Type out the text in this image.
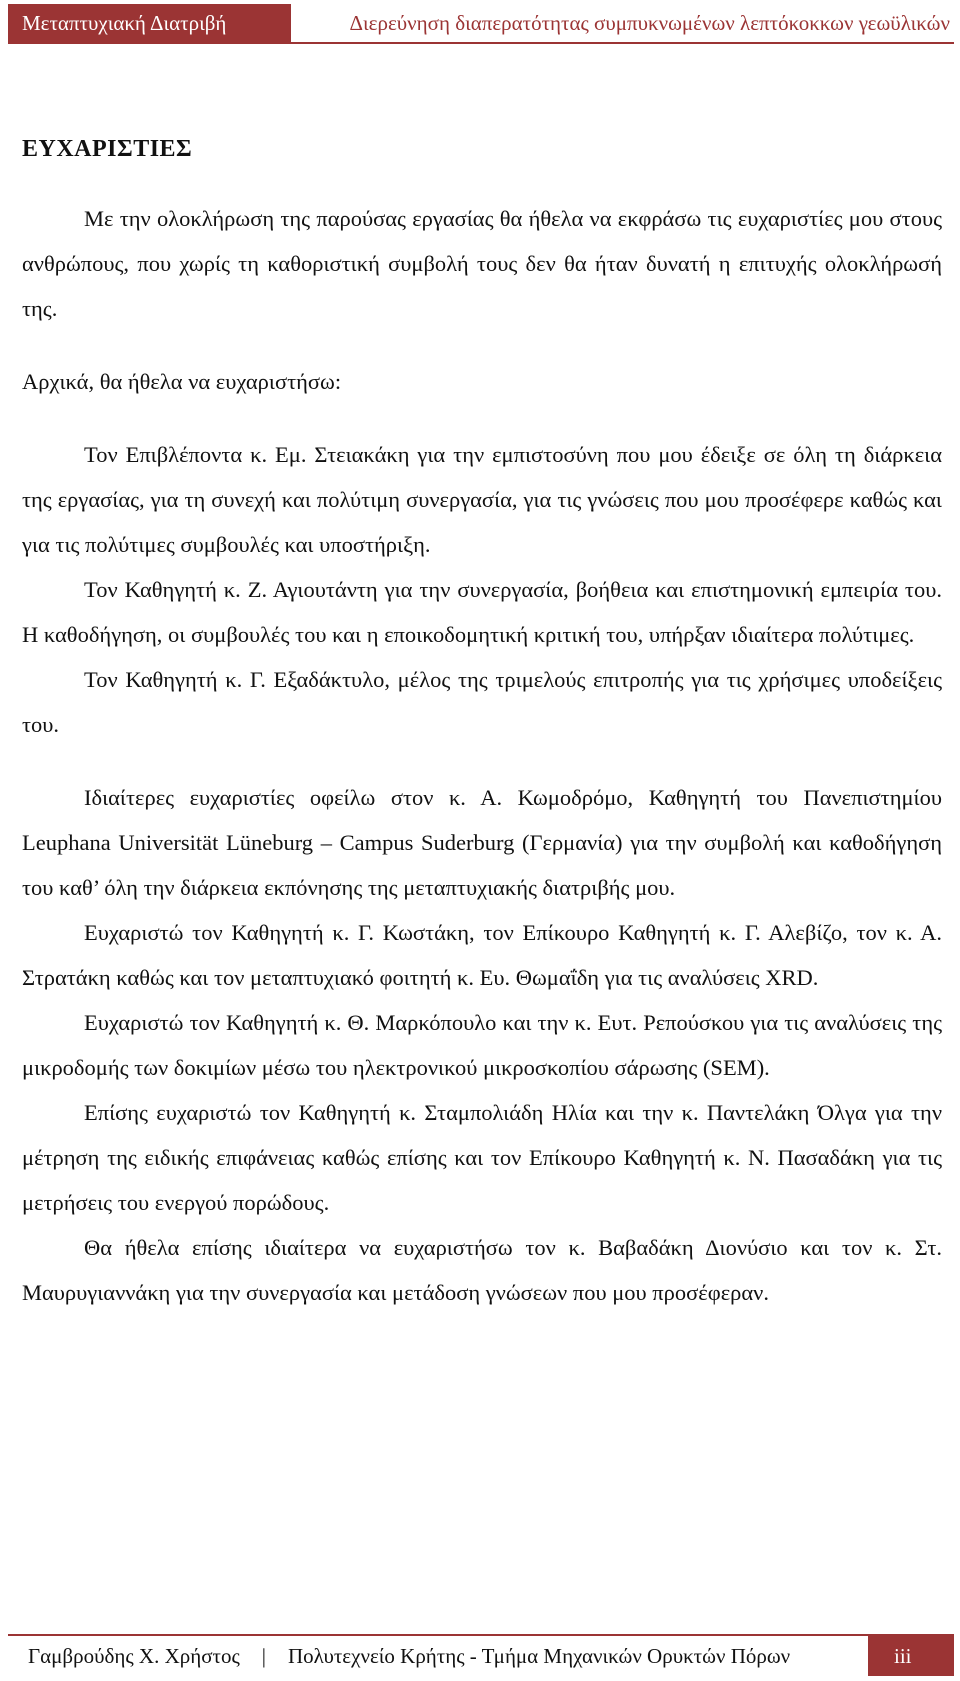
Μεταπτυχιακή Διατριβή	Διερεύνηση διαπερατότητας συμπυκνωμένων λεπτόκοκκων γεωϋλικών
ΕΥΧΑΡΙΣΤΙΕΣ

Με την ολοκλήρωση της παρούσας εργασίας θα ήθελα να εκφράσω τις ευχαριστίες μου στους ανθρώπους, που χωρίς τη καθοριστική συμβολή τους δεν θα ήταν δυνατή η επιτυχής ολοκλήρωσή της.

Αρχικά, θα ήθελα να ευχαριστήσω:

Τον Επιβλέποντα κ. Εμ. Στειακάκη για την εμπιστοσύνη που μου έδειξε σε όλη τη διάρκεια της εργασίας, για τη συνεχή και πολύτιμη συνεργασία, για τις γνώσεις που μου προσέφερε καθώς και για τις πολύτιμες συμβουλές και υποστήριξη.

Τον Καθηγητή κ. Ζ. Αγιουτάντη για την συνεργασία, βοήθεια και επιστημονική εμπειρία του. Η καθοδήγηση, οι συμβουλές του και η εποικοδομητική κριτική του, υπήρξαν ιδιαίτερα πολύτιμες.

Τον Καθηγητή κ. Γ. Εξαδάκτυλο, μέλος της τριμελούς επιτροπής για τις χρήσιμες υποδείξεις του.

Ιδιαίτερες ευχαριστίες οφείλω στον κ. Α. Κωμοδρόμο, Καθηγητή του Πανεπιστημίου Leuphana Universität Lüneburg – Campus Suderburg (Γερμανία) για την συμβολή και καθοδήγηση του καθ’ όλη την διάρκεια εκπόνησης της μεταπτυχιακής διατριβής μου.

Ευχαριστώ τον Καθηγητή κ. Γ. Κωστάκη, τον Επίκουρο Καθηγητή κ. Γ. Αλεβίζο, τον κ. Α. Στρατάκη καθώς και τον μεταπτυχιακό φοιτητή κ. Ευ. Θωμαΐδη για τις αναλύσεις XRD.

Ευχαριστώ τον Καθηγητή κ. Θ. Μαρκόπουλο και την κ. Ευτ. Ρεπούσκου για τις αναλύσεις της μικροδομής των δοκιμίων μέσω του ηλεκτρονικού μικροσκοπίου σάρωσης (SEM).

Επίσης ευχαριστώ τον Καθηγητή κ. Σταμπολιάδη Ηλία και την κ. Παντελάκη Όλγα για την μέτρηση της ειδικής επιφάνειας καθώς επίσης και τον Επίκουρο Καθηγητή κ. Ν. Πασαδάκη για τις μετρήσεις του ενεργού πορώδους.

Θα ήθελα επίσης ιδιαίτερα να ευχαριστήσω τον κ. Βαβαδάκη Διονύσιο και τον κ. Στ. Μαυρυγιαννάκη για την συνεργασία και μετάδοση γνώσεων που μου προσέφεραν.

Γαμβρούδης Χ. Χρήστος | Πολυτεχνείο Κρήτης - Τμήμα Μηχανικών Ορυκτών Πόρων	iii
